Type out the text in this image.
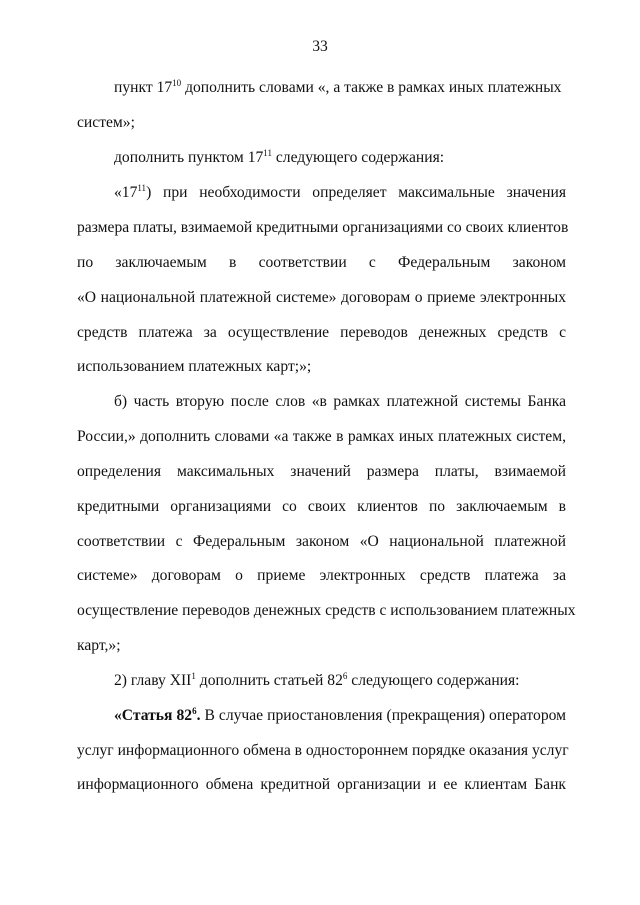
33
пункт $17^{10}$ дополнить словами «, а также в рамках иных платежных
систем»;
дополнить пунктом $17^{11}$ следующего содержания:
«$17^{11}$) при необходимости определяет максимальные значения
размера платы, взимаемой кредитными организациями со своих клиентов
по заключаемым в соответствии с Федеральным законом
«О национальной платежной системе» договорам о приеме электронных
средств платежа за осуществление переводов денежных средств с
использованием платежных карт;»;
б) часть вторую после слов «в рамках платежной системы Банка
России,» дополнить словами «а также в рамках иных платежных систем,
определения максимальных значений размера платы, взимаемой
кредитными организациями со своих клиентов по заключаемым в
соответствии с Федеральным законом «О национальной платежной
системе» договорам о приеме электронных средств платежа за
осуществление переводов денежных средств с использованием платежных
карт,»;
2) главу XII$^1$ дополнить статьей $82^6$ следующего содержания:
«Статья $82^6$. В случае приостановления (прекращения) оператором
услуг информационного обмена в одностороннем порядке оказания услуг
информационного обмена кредитной организации и ее клиентам Банк
